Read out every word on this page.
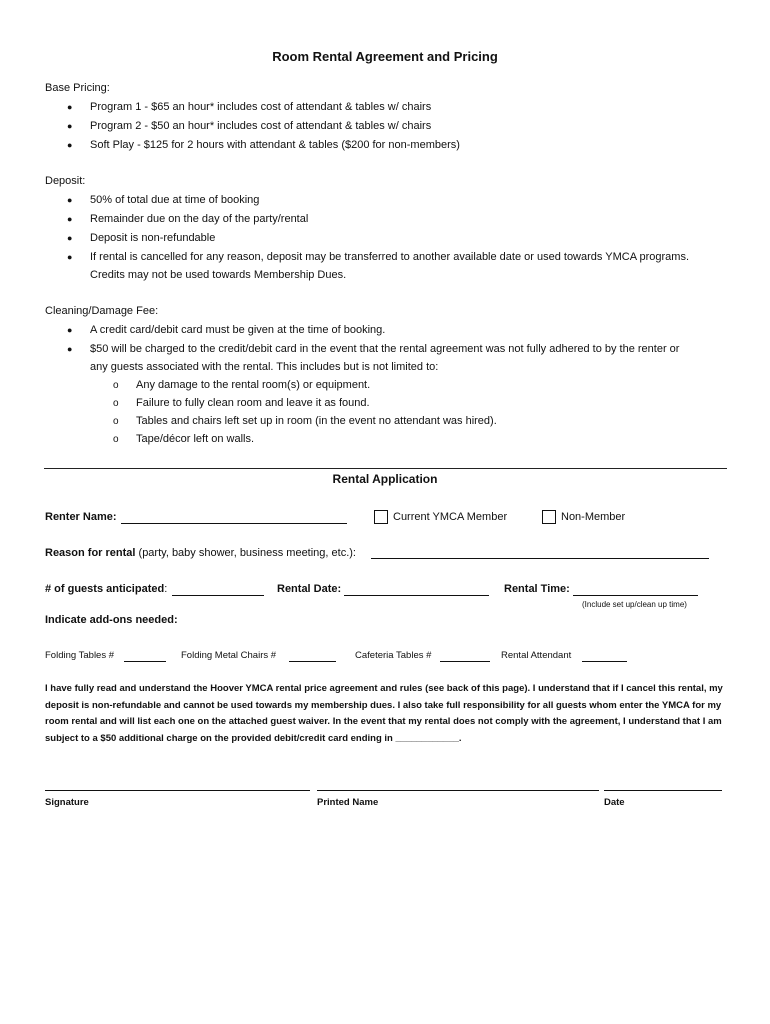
Room Rental Agreement and Pricing
Base Pricing:
● Program 1 - $65 an hour* includes cost of attendant & tables w/ chairs
● Program 2 - $50 an hour* includes cost of attendant & tables w/ chairs
● Soft Play - $125 for 2 hours with attendant & tables ($200 for non-members)
Deposit:
● 50% of total due at time of booking
● Remainder due on the day of the party/rental
● Deposit is non-refundable
● If rental is cancelled for any reason, deposit may be transferred to another available date or used towards YMCA programs.
Credits may not be used towards Membership Dues.
Cleaning/Damage Fee:
● A credit card/debit card must be given at the time of booking.
● $50 will be charged to the credit/debit card in the event that the rental agreement was not fully adhered to by the renter or
any guests associated with the rental. This includes but is not limited to:
o Any damage to the rental room(s) or equipment.
o Failure to fully clean room and leave it as found.
o Tables and chairs left set up in room (in the event no attendant was hired).
o Tape/décor left on walls.
Rental Application
Renter Name:	Current YMCA Member	Non-Member
Reason for rental (party, baby shower, business meeting, etc.):
# of guests anticipated:	Rental Date:	Rental Time:
(Include set up/clean up time)
Indicate add-ons needed:
Folding Tables #	Folding Metal Chairs #	Cafeteria Tables #	Rental Attendant
I have fully read and understand the Hoover YMCA rental price agreement and rules (see back of this page). I understand that if I cancel this rental, my deposit is non-refundable and cannot be used towards my membership dues. I also take full responsibility for all guests whom enter the YMCA for my room rental and will list each one on the attached guest waiver. In the event that my rental does not comply with the agreement, I understand that I am subject to a $50 additional charge on the provided debit/credit card ending in ____________.
Signature	Printed Name	Date
